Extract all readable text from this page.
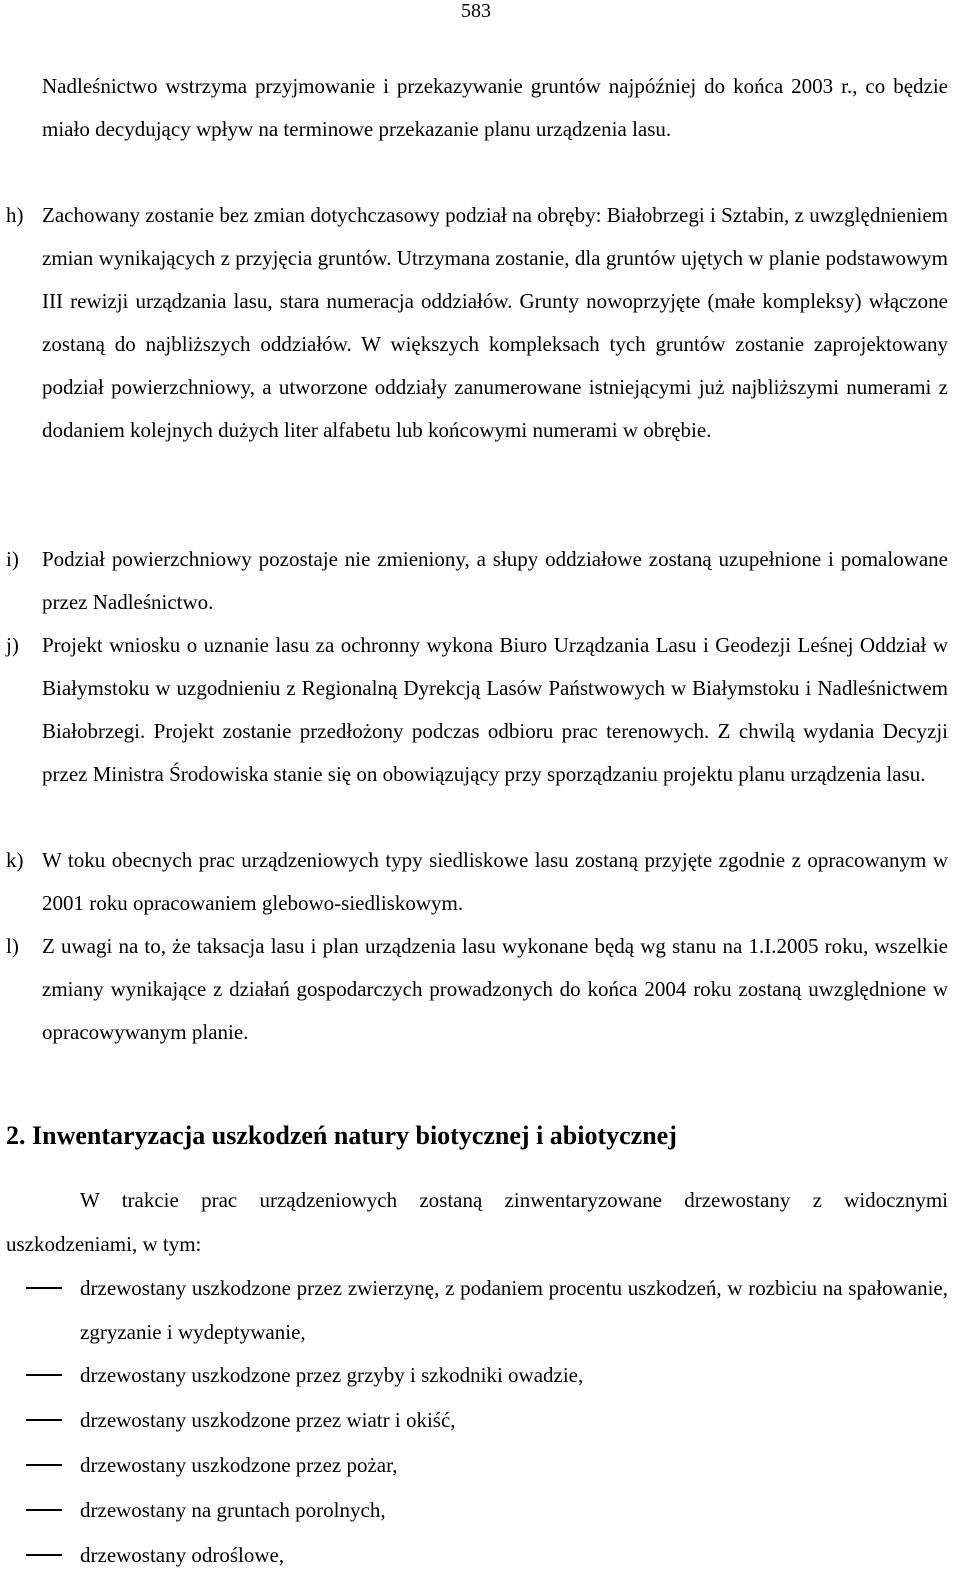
583
Nadleśnictwo wstrzyma przyjmowanie i przekazywanie gruntów najpóźniej do końca 2003 r., co będzie miało decydujący wpływ na terminowe przekazanie planu urządzenia lasu.
h) Zachowany zostanie bez zmian dotychczasowy podział na obręby: Białobrzegi i Sztabin, z uwzględnieniem zmian wynikających z przyjęcia gruntów. Utrzymana zostanie, dla gruntów ujętych w planie podstawowym III rewizji urządzania lasu, stara numeracja oddziałów. Grunty nowoprzyjęte (małe kompleksy) włączone zostaną do najbliższych oddziałów. W większych kompleksach tych gruntów zostanie zaprojektowany podział powierzchniowy, a utworzone oddziały zanumerowane istniejącymi już najbliższymi numerami z dodaniem kolejnych dużych liter alfabetu lub końcowymi numerami w obrębie.
i) Podział powierzchniowy pozostaje nie zmieniony, a słupy oddziałowe zostaną uzupełnione i pomalowane przez Nadleśnictwo.
j) Projekt wniosku o uznanie lasu za ochronny wykona Biuro Urządzania Lasu i Geodezji Leśnej Oddział w Białymstoku w uzgodnieniu z Regionalną Dyrekcją Lasów Państwowych w Białymstoku i Nadleśnictwem Białobrzegi. Projekt zostanie przedłożony podczas odbioru prac terenowych. Z chwilą wydania Decyzji przez Ministra Środowiska stanie się on obowiązujący przy sporządzaniu projektu planu urządzenia lasu.
k) W toku obecnych prac urządzeniowych typy siedliskowe lasu zostaną przyjęte zgodnie z opracowanym w 2001 roku opracowaniem glebowo-siedliskowym.
l) Z uwagi na to, że taksacja lasu i plan urządzenia lasu wykonane będą wg stanu na 1.I.2005 roku, wszelkie zmiany wynikające z działań gospodarczych prowadzonych do końca 2004 roku zostaną uwzględnione w opracowywanym planie.
2. Inwentaryzacja uszkodzeń natury biotycznej i abiotycznej
W trakcie prac urządzeniowych zostaną zinwentaryzowane drzewostany z widocznymi uszkodzeniami, w tym:
drzewostany uszkodzone przez zwierzynę, z podaniem procentu uszkodzeń, w rozbiciu na spałowanie, zgryzanie i wydeptywanie,
drzewostany uszkodzone przez grzyby i szkodniki owadzie,
drzewostany uszkodzone przez wiatr i okiść,
drzewostany uszkodzone przez pożar,
drzewostany na gruntach porolnych,
drzewostany odroślowe,
